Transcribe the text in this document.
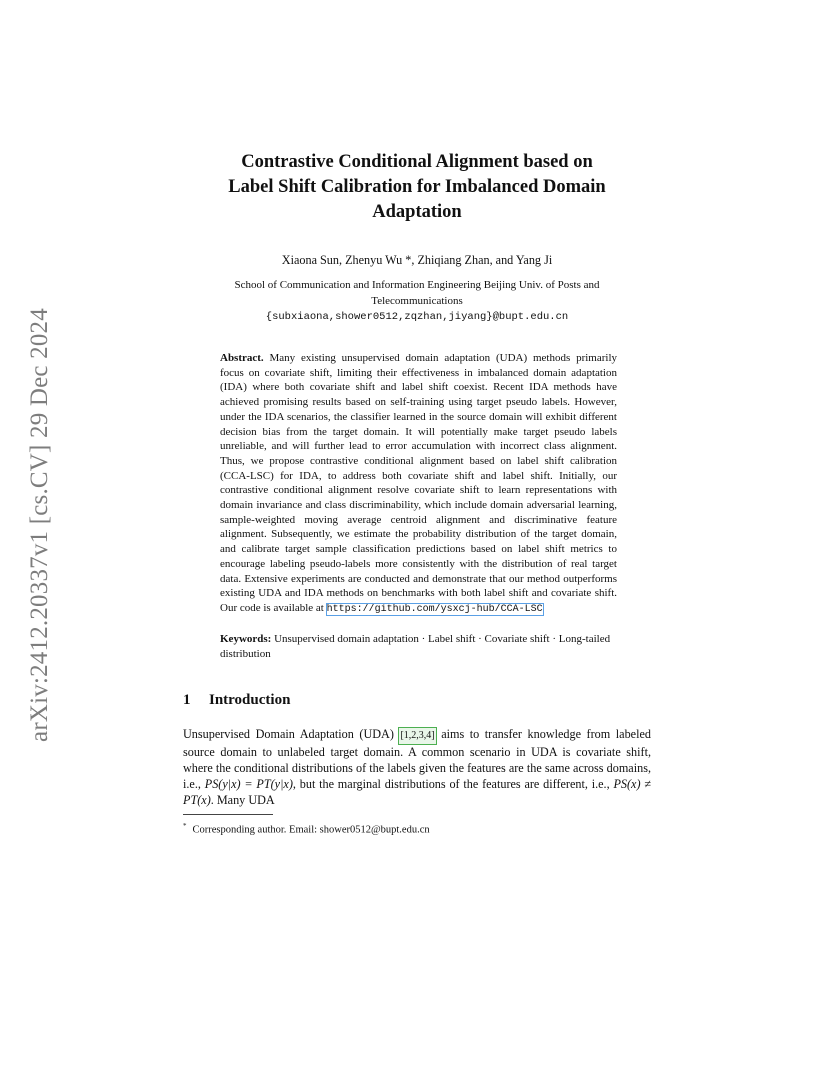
arXiv:2412.20337v1 [cs.CV] 29 Dec 2024
Contrastive Conditional Alignment based on
Label Shift Calibration for Imbalanced Domain
Adaptation
Xiaona Sun, Zhenyu Wu *, Zhiqiang Zhan, and Yang Ji
School of Communication and Information Engineering Beijing Univ. of Posts and
Telecommunications
{subxiaona,shower0512,zqzhan,jiyang}@bupt.edu.cn
Abstract. Many existing unsupervised domain adaptation (UDA) methods primarily focus on covariate shift, limiting their effectiveness in imbalanced domain adaptation (IDA) where both covariate shift and label shift coexist. Recent IDA methods have achieved promising results based on self-training using target pseudo labels. However, under the IDA scenarios, the classifier learned in the source domain will exhibit different decision bias from the target domain. It will potentially make target pseudo labels unreliable, and will further lead to error accumulation with incorrect class alignment. Thus, we propose contrastive conditional alignment based on label shift calibration (CCA-LSC) for IDA, to address both covariate shift and label shift. Initially, our contrastive conditional alignment resolve covariate shift to learn representations with domain invariance and class discriminability, which include domain adversarial learning, sample-weighted moving average centroid alignment and discriminative feature alignment. Subsequently, we estimate the probability distribution of the target domain, and calibrate target sample classification predictions based on label shift metrics to encourage labeling pseudo-labels more consistently with the distribution of real target data. Extensive experiments are conducted and demonstrate that our method outperforms existing UDA and IDA methods on benchmarks with both label shift and covariate shift. Our code is available at https://github.com/ysxcj-hub/CCA-LSC
Keywords: Unsupervised domain adaptation · Label shift · Covariate shift · Long-tailed distribution
1 Introduction
Unsupervised Domain Adaptation (UDA) [1,2,3,4] aims to transfer knowledge from labeled source domain to unlabeled target domain. A common scenario in UDA is covariate shift, where the conditional distributions of the labels given the features are the same across domains, i.e., PS(y|x) = PT(y|x), but the marginal distributions of the features are different, i.e., PS(x) ≠ PT(x). Many UDA
* Corresponding author. Email: shower0512@bupt.edu.cn
